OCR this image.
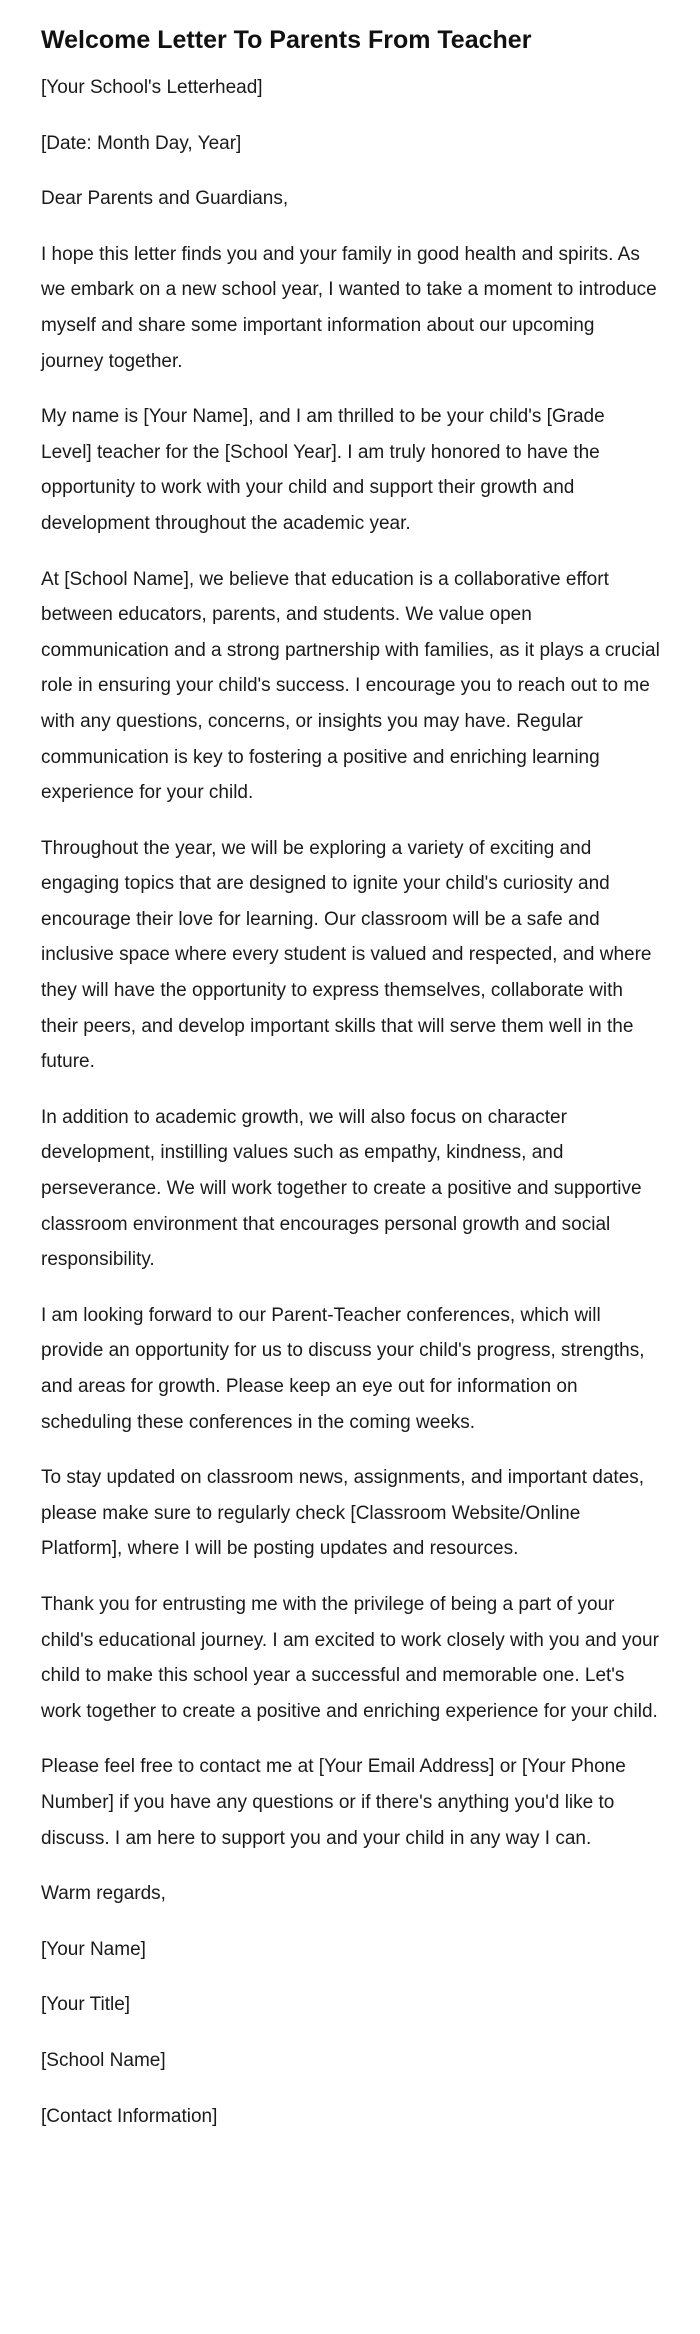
Welcome Letter To Parents From Teacher

[Your School's Letterhead]

[Date: Month Day, Year]

Dear Parents and Guardians,

I hope this letter finds you and your family in good health and spirits. As we embark on a new school year, I wanted to take a moment to introduce myself and share some important information about our upcoming journey together.

My name is [Your Name], and I am thrilled to be your child's [Grade Level] teacher for the [School Year]. I am truly honored to have the opportunity to work with your child and support their growth and development throughout the academic year.

At [School Name], we believe that education is a collaborative effort between educators, parents, and students. We value open communication and a strong partnership with families, as it plays a crucial role in ensuring your child's success. I encourage you to reach out to me with any questions, concerns, or insights you may have. Regular communication is key to fostering a positive and enriching learning experience for your child.

Throughout the year, we will be exploring a variety of exciting and engaging topics that are designed to ignite your child's curiosity and encourage their love for learning. Our classroom will be a safe and inclusive space where every student is valued and respected, and where they will have the opportunity to express themselves, collaborate with their peers, and develop important skills that will serve them well in the future.

In addition to academic growth, we will also focus on character development, instilling values such as empathy, kindness, and perseverance. We will work together to create a positive and supportive classroom environment that encourages personal growth and social responsibility.

I am looking forward to our Parent-Teacher conferences, which will provide an opportunity for us to discuss your child's progress, strengths, and areas for growth. Please keep an eye out for information on scheduling these conferences in the coming weeks.

To stay updated on classroom news, assignments, and important dates, please make sure to regularly check [Classroom Website/Online Platform], where I will be posting updates and resources.

Thank you for entrusting me with the privilege of being a part of your child's educational journey. I am excited to work closely with you and your child to make this school year a successful and memorable one. Let's work together to create a positive and enriching experience for your child.

Please feel free to contact me at [Your Email Address] or [Your Phone Number] if you have any questions or if there's anything you'd like to discuss. I am here to support you and your child in any way I can.

Warm regards,

[Your Name]

[Your Title]

[School Name]

[Contact Information]
